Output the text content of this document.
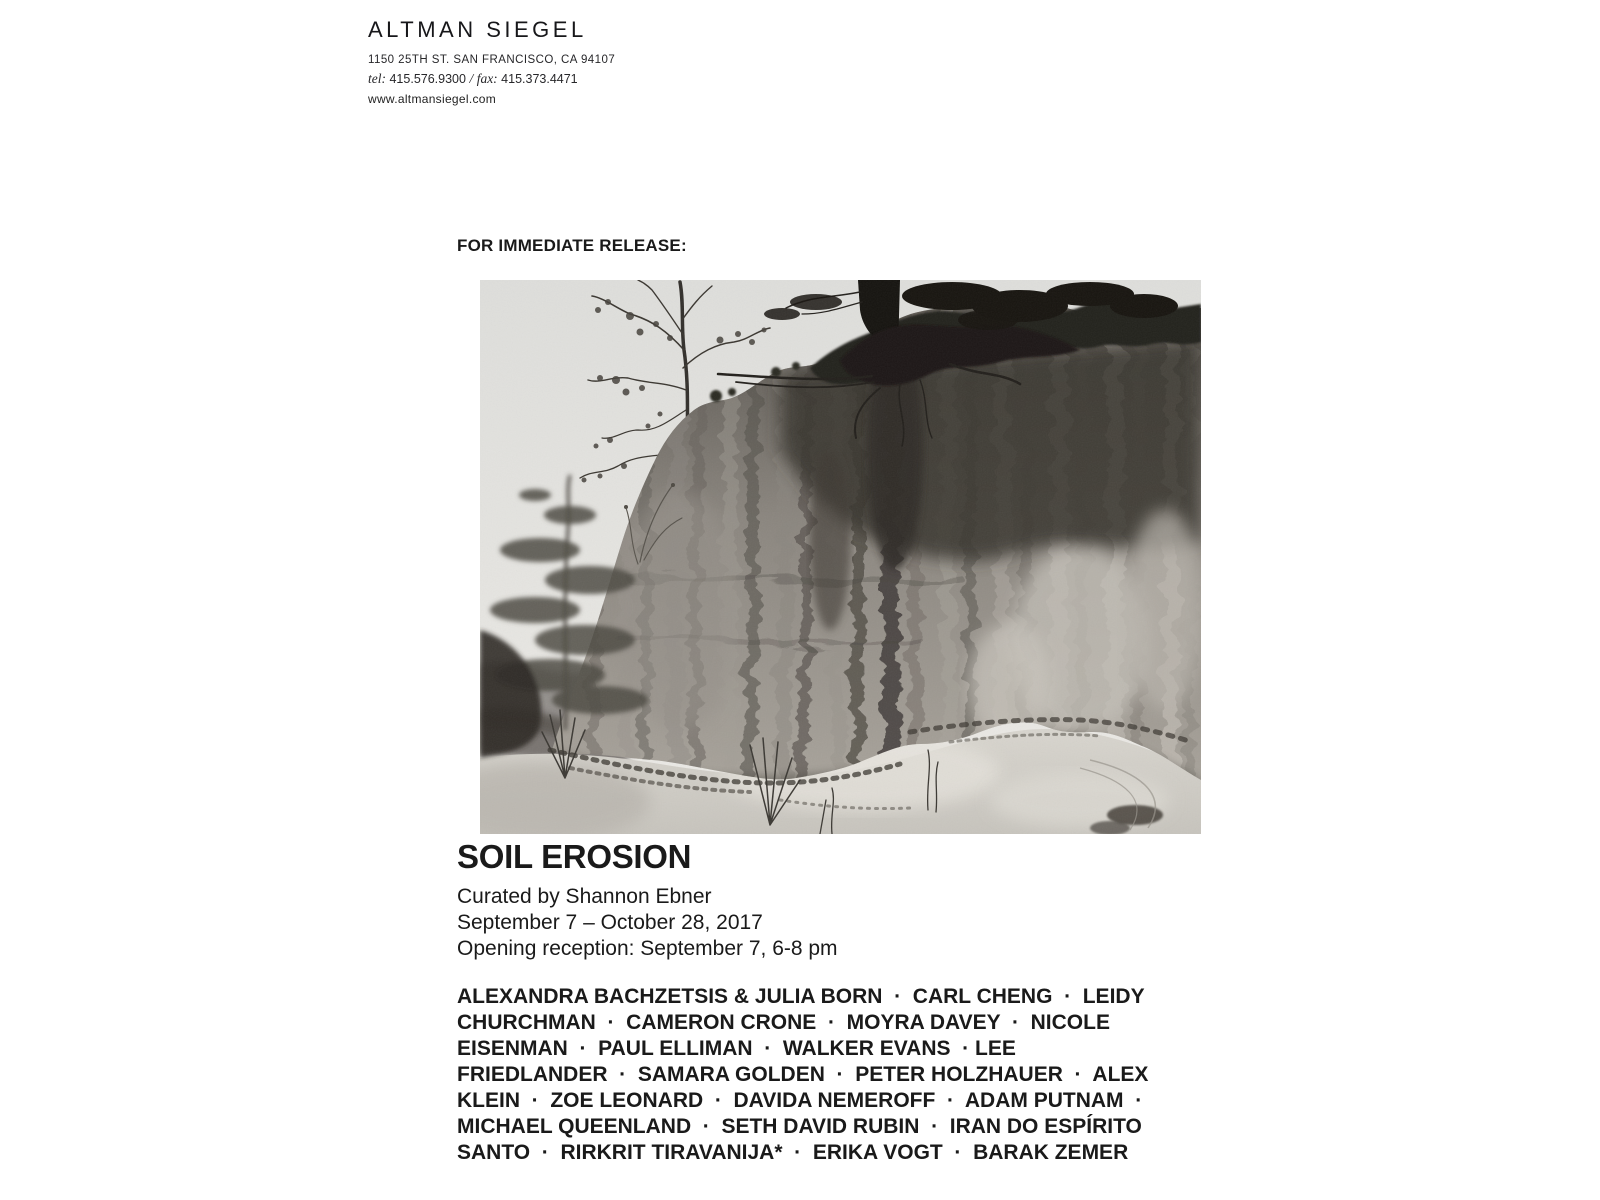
ALTMAN SIEGEL
1150 25TH ST. SAN FRANCISCO, CA 94107
tel: 415.576.9300 / fax: 415.373.4471
www.altmansiegel.com
FOR IMMEDIATE RELEASE:
SOIL EROSION
Curated by Shannon Ebner
September 7 – October 28, 2017
Opening reception: September 7, 6-8 pm
ALEXANDRA BACHZETSIS & JULIA BORN  ·  CARL CHENG  ·  LEIDY
CHURCHMAN  ·  CAMERON CRONE  ·  MOYRA DAVEY  ·  NICOLE
EISENMAN  ·  PAUL ELLIMAN  ·  WALKER EVANS  · LEE
FRIEDLANDER  ·  SAMARA GOLDEN  ·  PETER HOLZHAUER  ·  ALEX
KLEIN  ·  ZOE LEONARD  ·  DAVIDA NEMEROFF  ·  ADAM PUTNAM  ·
MICHAEL QUEENLAND  ·  SETH DAVID RUBIN  ·  IRAN DO ESPÍRITO
SANTO  ·  RIRKRIT TIRAVANIJA*  ·  ERIKA VOGT  ·  BARAK ZEMER
